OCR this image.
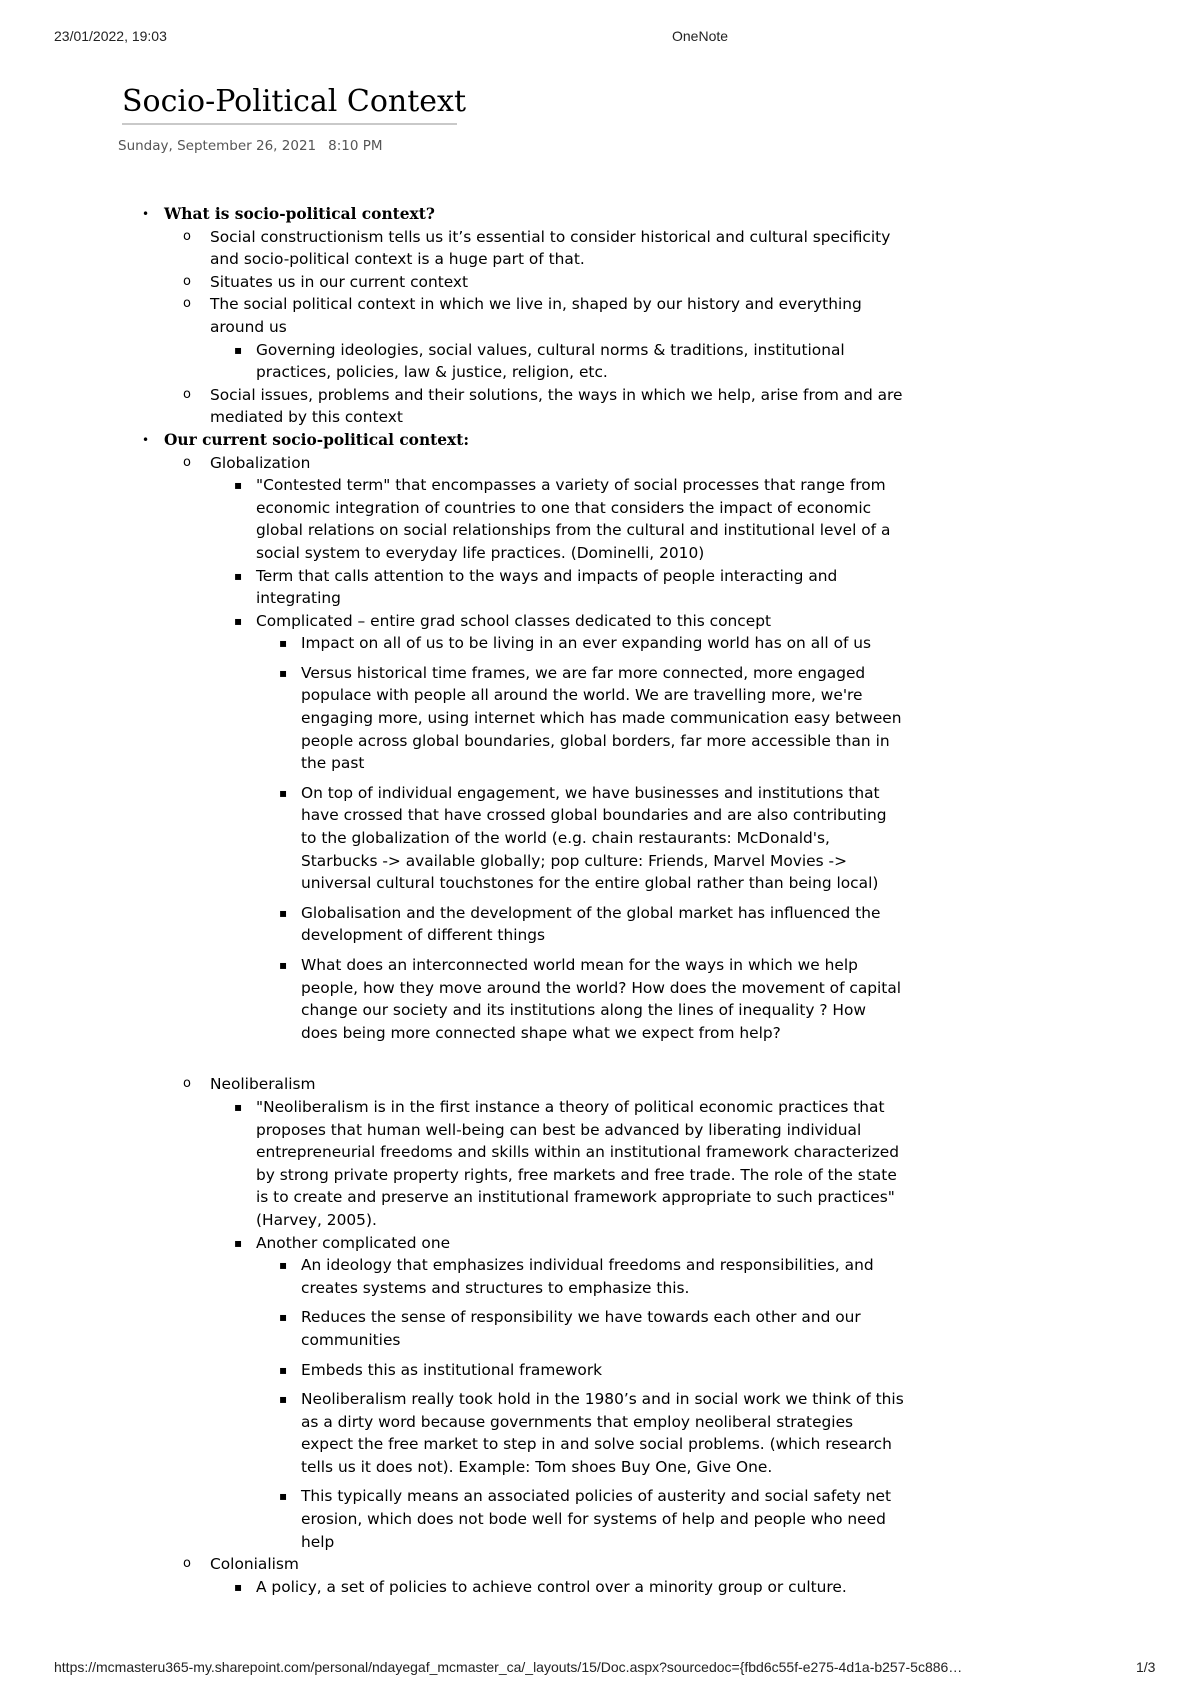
23/01/2022, 19:03	OneNote
Socio-Political Context
Sunday, September 26, 2021 8:10 PM

• What is socio-political context?

o Social constructionism tells us it’s essential to consider historical and cultural specificity and socio-political context is a huge part of that.

o Situates us in our current context

o The social political context in which we live in, shaped by our history and everything around us

▪ Governing ideologies, social values, cultural norms & traditions, institutional practices, policies, law & justice, religion, etc.

o Social issues, problems and their solutions, the ways in which we help, arise from and are mediated by this context

• Our current socio-political context:

o Globalization

▪ "Contested term" that encompasses a variety of social processes that range from economic integration of countries to one that considers the impact of economic global relations on social relationships from the cultural and institutional level of a social system to everyday life practices. (Dominelli, 2010)

▪ Term that calls attention to the ways and impacts of people interacting and integrating

▪ Complicated – entire grad school classes dedicated to this concept

▪ Impact on all of us to be living in an ever expanding world has on all of us

▪ Versus historical time frames, we are far more connected, more engaged populace with people all around the world. We are travelling more, we're engaging more, using internet which has made communication easy between people across global boundaries, global borders, far more accessible than in the past

▪ On top of individual engagement, we have businesses and institutions that have crossed that have crossed global boundaries and are also contributing to the globalization of the world (e.g. chain restaurants: McDonald's, Starbucks -> available globally; pop culture: Friends, Marvel Movies -> universal cultural touchstones for the entire global rather than being local)

▪ Globalisation and the development of the global market has influenced the development of different things

▪ What does an interconnected world mean for the ways in which we help people, how they move around the world? How does the movement of capital change our society and its institutions along the lines of inequality ? How does being more connected shape what we expect from help?

o Neoliberalism

▪ "Neoliberalism is in the first instance a theory of political economic practices that proposes that human well-being can best be advanced by liberating individual entrepreneurial freedoms and skills within an institutional framework characterized by strong private property rights, free markets and free trade. The role of the state is to create and preserve an institutional framework appropriate to such practices" (Harvey, 2005).

▪ Another complicated one

▪ An ideology that emphasizes individual freedoms and responsibilities, and creates systems and structures to emphasize this.

▪ Reduces the sense of responsibility we have towards each other and our communities

▪ Embeds this as institutional framework

▪ Neoliberalism really took hold in the 1980’s and in social work we think of this as a dirty word because governments that employ neoliberal strategies expect the free market to step in and solve social problems. (which research tells us it does not). Example: Tom shoes Buy One, Give One.

▪ This typically means an associated policies of austerity and social safety net erosion, which does not bode well for systems of help and people who need help

o Colonialism

▪ A policy, a set of policies to achieve control over a minority group or culture.

https://mcmasteru365-my.sharepoint.com/personal/ndayegaf_mcmaster_ca/_layouts/15/Doc.aspx?sourcedoc={fbd6c55f-e275-4d1a-b257-5c886…	1/3
